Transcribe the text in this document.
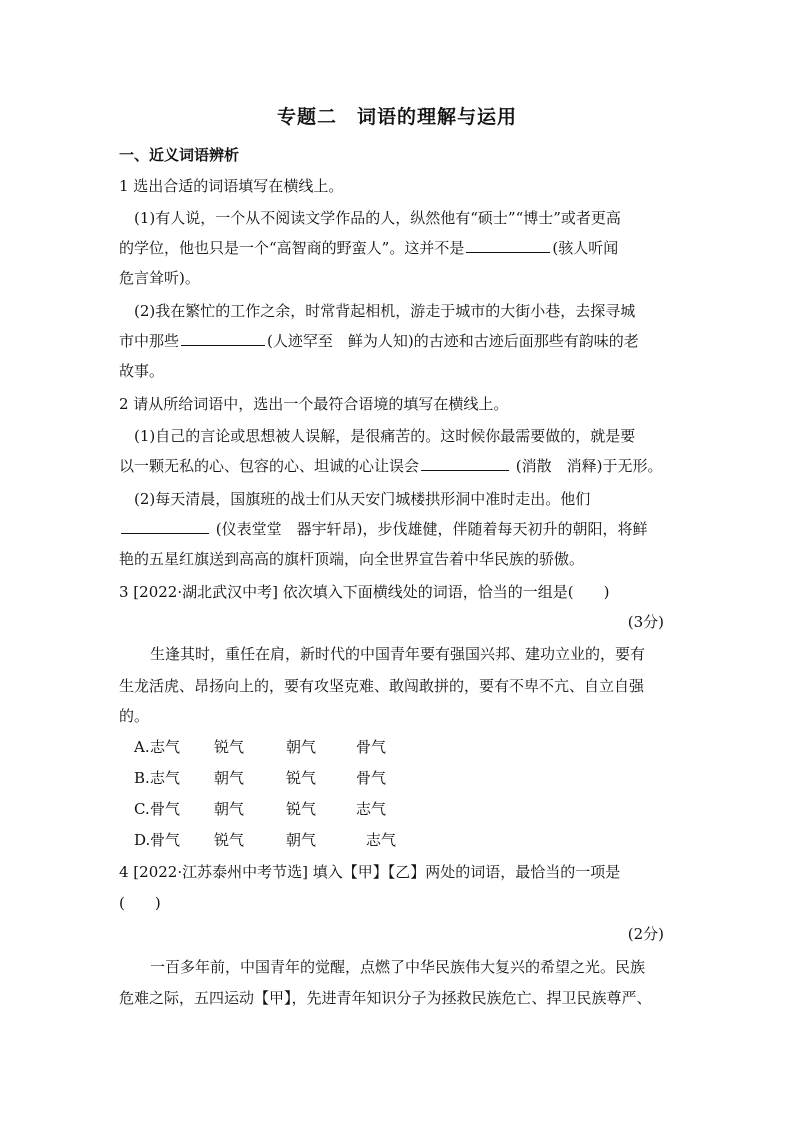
专题二　词语的理解与运用
一、近义词语辨析
1 选出合适的词语填写在横线上。
(1)有人说，一个从不阅读文学作品的人，纵然他有“硕士”“博士”或者更高
的学位，他也只是一个“高智商的野蛮人”。这并不是	(骇人听闻
危言耸听)。
(2)我在繁忙的工作之余，时常背起相机，游走于城市的大街小巷，去探寻城
市中那些	(人迹罕至　鲜为人知)的古迹和古迹后面那些有韵味的老
故事。
2 请从所给词语中，选出一个最符合语境的填写在横线上。
(1)自己的言论或思想被人误解，是很痛苦的。这时候你最需要做的，就是要
以一颗无私的心、包容的心、坦诚的心让误会	(消散　消释)于无形。
(2)每天清晨，国旗班的战士们从天安门城楼拱形洞中准时走出。他们
(仪表堂堂　器宇轩昂)，步伐雄健，伴随着每天初升的朝阳，将鲜
艳的五星红旗送到高高的旗杆顶端，向全世界宣告着中华民族的骄傲。
3 [2022·湖北武汉中考] 依次填入下面横线处的词语，恰当的一组是(　　)
(3分)
生逢其时，重任在肩，新时代的中国青年要有强国兴邦、建功立业的，要有
生龙活虎、昂扬向上的，要有攻坚克难、敢闯敢拼的，要有不卑不亢、自立自强
的。
A.志气 锐气	朝气	骨气
B.志气 朝气	锐气	骨气
C.骨气 朝气	锐气	志气
D.骨气 锐气	朝气	志气
4 [2022·江苏泰州中考节选] 填入【甲】【乙】两处的词语，最恰当的一项是
(　　)
(2分)
一百多年前，中国青年的觉醒，点燃了中华民族伟大复兴的希望之光。民族
危难之际，五四运动【甲】，先进青年知识分子为拯救民族危亡、捍卫民族尊严、
